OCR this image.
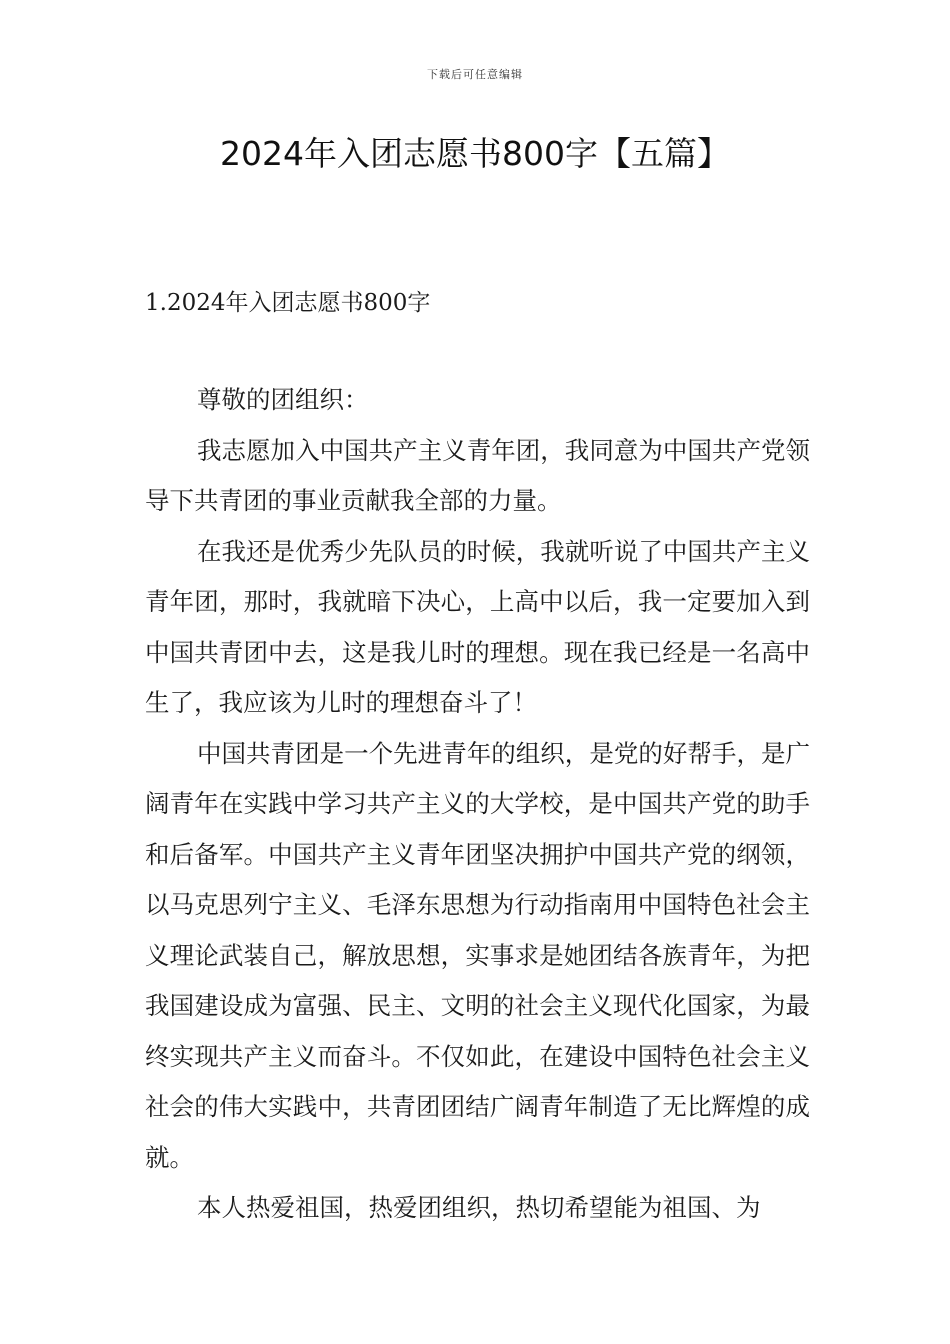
下载后可任意编辑
2024年入团志愿书800字【五篇】
1.2024年入团志愿书800字

尊敬的团组织：

我志愿加入中国共产主义青年团，我同意为中国共产党领导下共青团的事业贡献我全部的力量。

在我还是优秀少先队员的时候，我就听说了中国共产主义青年团，那时，我就暗下决心，上高中以后，我一定要加入到中国共青团中去，这是我儿时的理想。现在我已经是一名高中生了，我应该为儿时的理想奋斗了！

中国共青团是一个先进青年的组织，是党的好帮手，是广阔青年在实践中学习共产主义的大学校，是中国共产党的助手和后备军。中国共产主义青年团坚决拥护中国共产党的纲领，以马克思列宁主义、毛泽东思想为行动指南用中国特色社会主义理论武装自己，解放思想，实事求是她团结各族青年，为把我国建设成为富强、民主、文明的社会主义现代化国家，为最终实现共产主义而奋斗。不仅如此，在建设中国特色社会主义社会的伟大实践中，共青团团结广阔青年制造了无比辉煌的成就。

本人热爱祖国，热爱团组织，热切希望能为祖国、为
